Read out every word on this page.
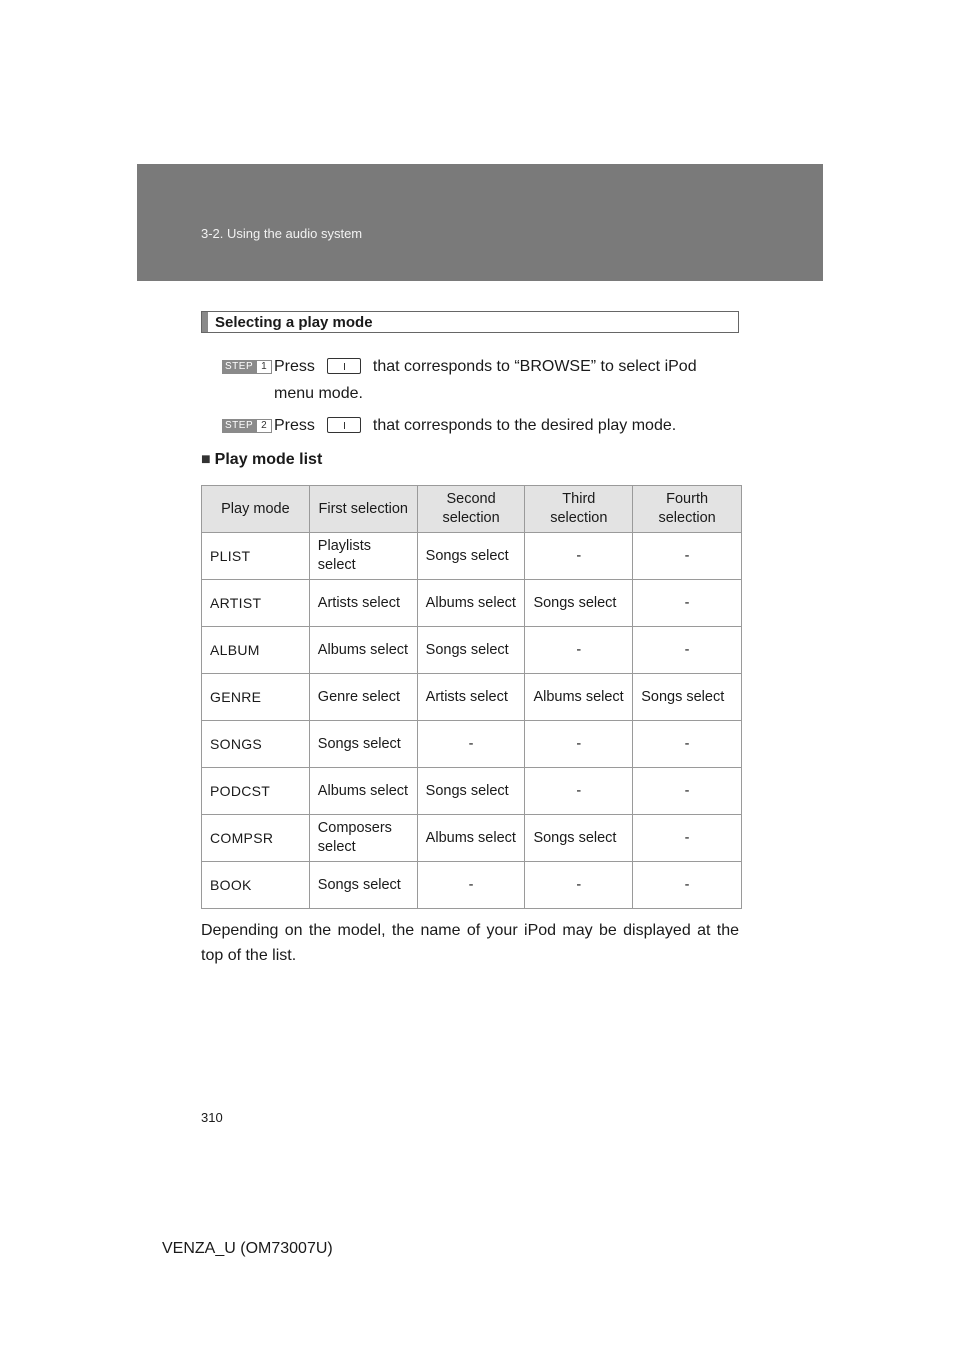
3-2. Using the audio system
Selecting a play mode
STEP 1 Press	that corresponds to “BROWSE” to select iPod
menu mode.
STEP 2 Press	that corresponds to the desired play mode.
■ Play mode list
Play mode	First selection	Second selection	Third selection	Fourth selection
PLIST	Playlists select	Songs select	-	-
ARTIST	Artists select	Albums select	Songs select	-
ALBUM	Albums select	Songs select	-	-
GENRE	Genre select	Artists select	Albums select	Songs select
SONGS	Songs select	-	-	-
PODCST	Albums select	Songs select	-	-
COMPSR	Composers select	Albums select	Songs select	-
BOOK	Songs select	-	-	-
Depending on the model, the name of your iPod may be displayed at the top of the list.
310
VENZA_U (OM73007U)
